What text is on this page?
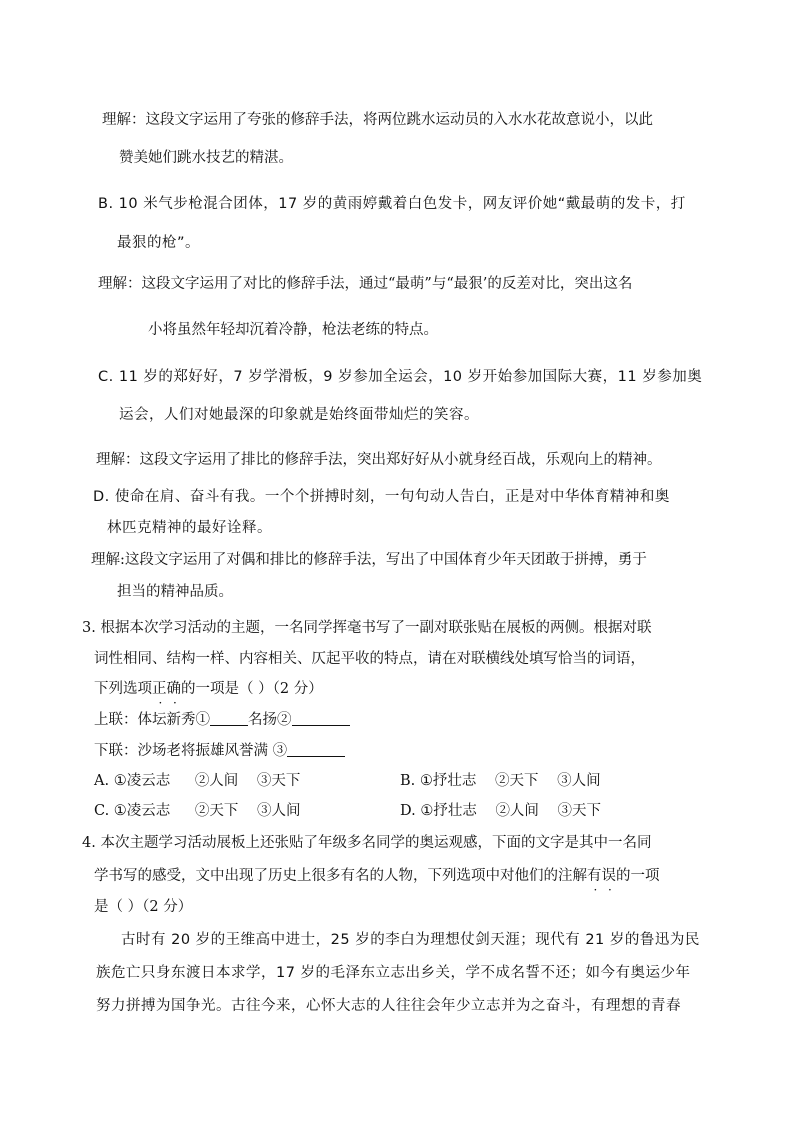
理解：这段文字运用了夸张的修辞手法，将两位跳水运动员的入水水花故意说小，以此
赞美她们跳水技艺的精湛。
B. 10 米气步枪混合团体，17 岁的黄雨婷戴着白色发卡，网友评价她“戴最萌的发卡，打
最狠的枪”。
理解：这段文字运用了对比的修辞手法，通过“最萌”与“最狠’的反差对比，突出这名
小将虽然年轻却沉着冷静，枪法老练的特点。
C. 11 岁的郑好好，7 岁学滑板，9 岁参加全运会，10 岁开始参加国际大赛，11 岁参加奥
运会，人们对她最深的印象就是始终面带灿烂的笑容。
理解：这段文字运用了排比的修辞手法，突出郑好好从小就身经百战，乐观向上的精神。
D. 使命在肩、奋斗有我。一个个拼搏时刻，一句句动人告白，正是对中华体育精神和奥
林匹克精神的最好诠释。
理解:这段文字运用了对偶和排比的修辞手法，写出了中国体育少年天团敢于拼搏，勇于
担当的精神品质。
3. 根据本次学习活动的主题，一名同学挥毫书写了一副对联张贴在展板的两侧。根据对联
词性相同、结构一样、内容相关、仄起平收的特点，请在对联横线处填写恰当的词语，
下列选项正确的一项是（ ）（2 分）
上联：体坛新秀①	名扬②
下联：沙场老将振雄风誉满 ③
A. ①凌云志 ②人间 ③天下	B. ①抒壮志 ②天下 ③人间
C. ①凌云志 ②天下 ③人间	D. ①抒壮志 ②人间 ③天下
4. 本次主题学习活动展板上还张贴了年级多名同学的奥运观感，下面的文字是其中一名同
学书写的感受，文中出现了历史上很多有名的人物，下列选项中对他们的注解有误的一项
是（ ）（2 分）
古时有 20 岁的王维高中进士，25 岁的李白为理想仗剑天涯；现代有 21 岁的鲁迅为民
族危亡只身东渡日本求学，17 岁的毛泽东立志出乡关，学不成名誓不还；如今有奥运少年
努力拼搏为国争光。古往今来，心怀大志的人往往会年少立志并为之奋斗，有理想的青春
